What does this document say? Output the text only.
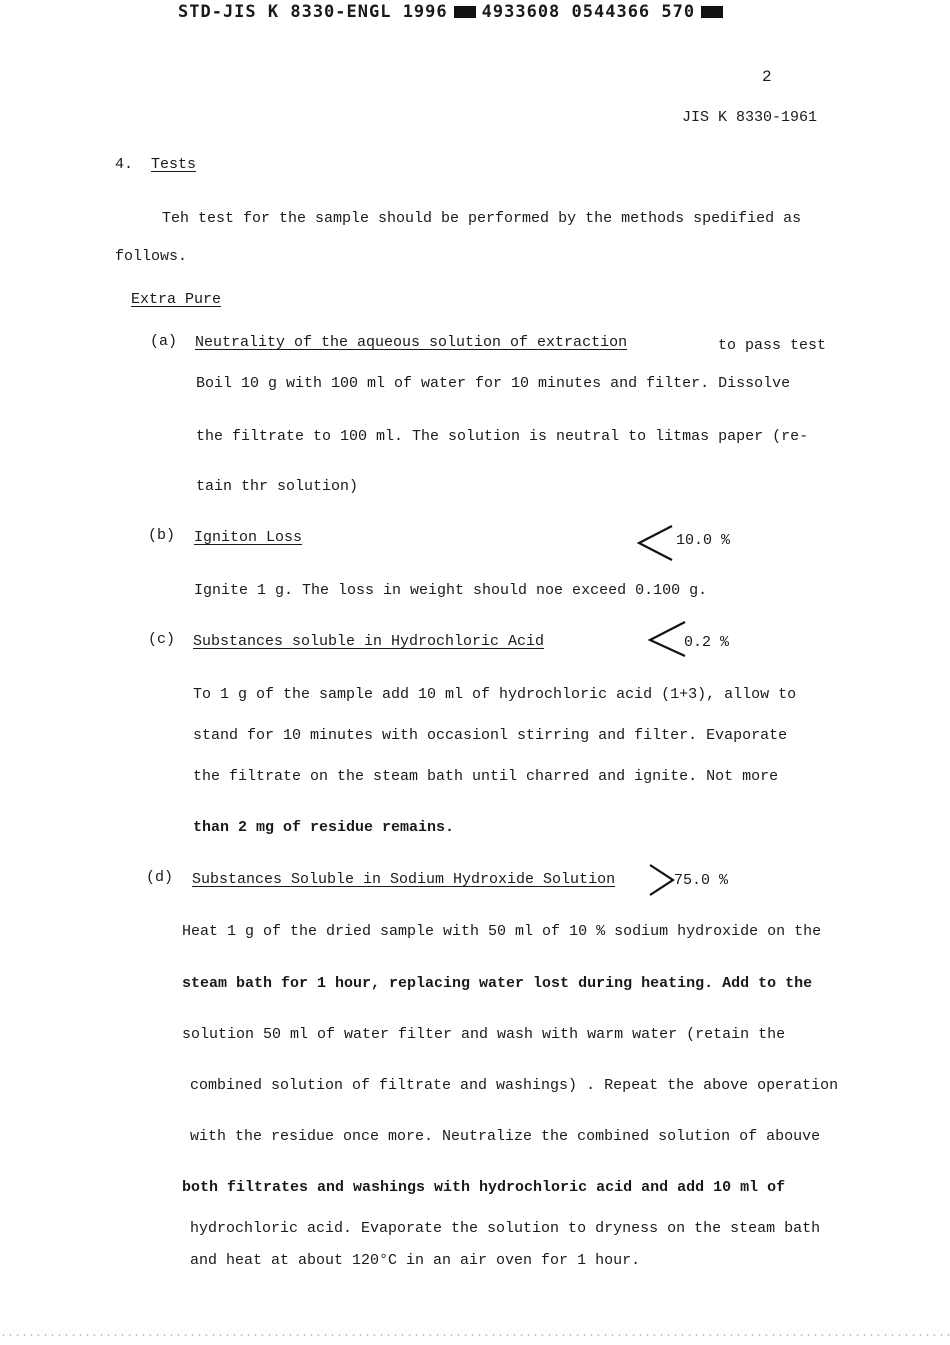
STD-JIS K 8330-ENGL 1996 4933608 0544366 570
2
JIS K 8330-1961
4. Tests
Teh test for the sample should be performed by the methods spedified as
follows.
Extra Pure
(a) Neutrality of the aqueous solution of extraction	to pass test
Boil 10 g with 100 ml of water for 10 minutes and filter. Dissolve
the filtrate to 100 ml. The solution is neutral to litmas paper (re-
tain thr solution)
(b) Igniton Loss	10.0 %
Ignite 1 g. The loss in weight should noe exceed 0.100 g.
(c) Substances soluble in Hydrochloric Acid	0.2 %
To 1 g of the sample add 10 ml of hydrochloric acid (1+3), allow to
stand for 10 minutes with occasionl stirring and filter. Evaporate
the filtrate on the steam bath until charred and ignite. Not more
than 2 mg of residue remains.
(d) Substances Soluble in Sodium Hydroxide Solution	75.0 %
Heat 1 g of the dried sample with 50 ml of 10 % sodium hydroxide on the
steam bath for 1 hour, replacing water lost during heating. Add to the
solution 50 ml of water filter and wash with warm water (retain the
combined solution of filtrate and washings) . Repeat the above operation
with the residue once more. Neutralize the combined solution of abouve
both filtrates and washings with hydrochloric acid and add 10 ml of
hydrochloric acid. Evaporate the solution to dryness on the steam bath
and heat at about 120°C in an air oven for 1 hour.
